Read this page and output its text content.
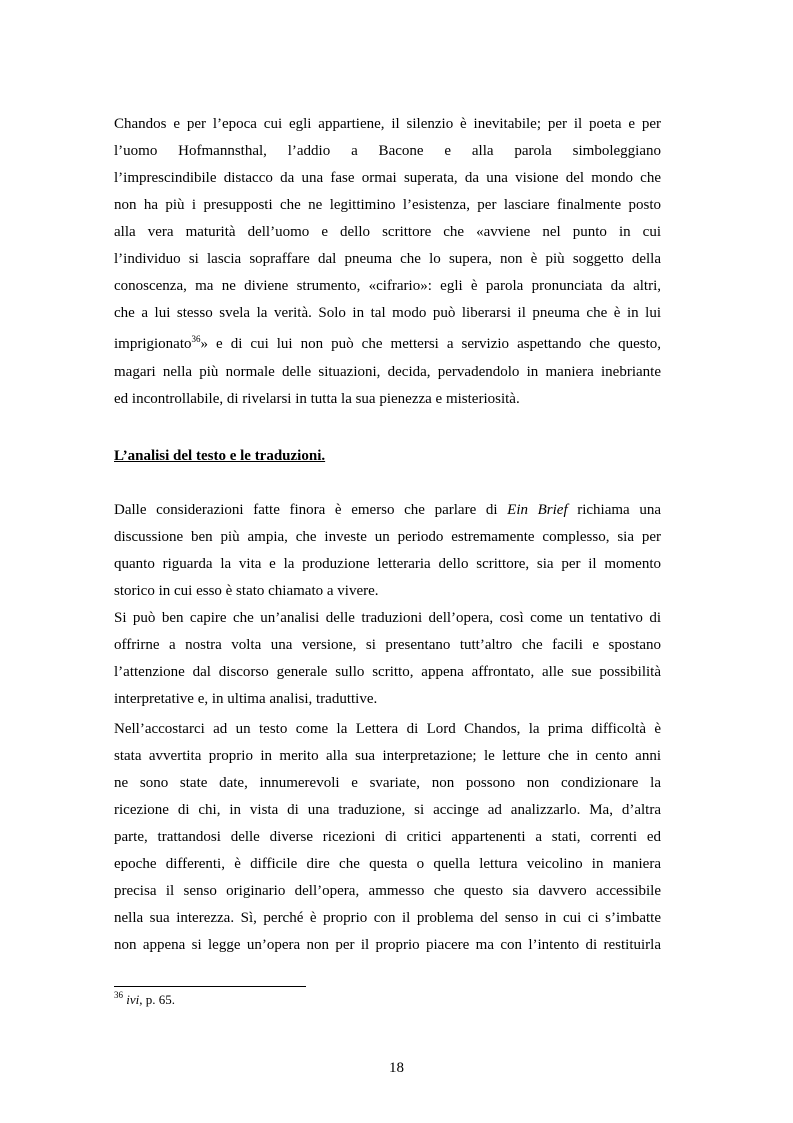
Chandos e per l’epoca cui egli appartiene, il silenzio è inevitabile; per il poeta e per
l’uomo Hofmannsthal, l’addio a Bacone e alla parola simboleggiano
l’imprescindibile distacco da una fase ormai superata, da una visione del mondo che
non ha più i presupposti che ne legittimino l’esistenza, per lasciare finalmente posto
alla vera maturità dell’uomo e dello scrittore che «avviene nel punto in cui
l’individuo si lascia sopraffare dal pneuma che lo supera, non è più soggetto della
conoscenza, ma ne diviene strumento, «cifrario»: egli è parola pronunciata da altri,
che a lui stesso svela la verità. Solo in tal modo può liberarsi il pneuma che è in lui
imprigionato$^{36}$» e di cui lui non può che mettersi a servizio aspettando che questo,
magari nella più normale delle situazioni, decida, pervadendolo in maniera inebriante
ed incontrollabile, di rivelarsi in tutta la sua pienezza e misteriosità.
L’analisi del testo e le traduzioni.
Dalle considerazioni fatte finora è emerso che parlare di Ein Brief richiama una
discussione ben più ampia, che investe un periodo estremamente complesso, sia per
quanto riguarda la vita e la produzione letteraria dello scrittore, sia per il momento
storico in cui esso è stato chiamato a vivere.
Si può ben capire che un’analisi delle traduzioni dell’opera, così come un tentativo di
offrirne a nostra volta una versione, si presentano tutt’altro che facili e spostano
l’attenzione dal discorso generale sullo scritto, appena affrontato, alle sue possibilità
interpretative e, in ultima analisi, traduttive.
Nell’accostarci ad un testo come la Lettera di Lord Chandos, la prima difficoltà è
stata avvertita proprio in merito alla sua interpretazione; le letture che in cento anni
ne sono state date, innumerevoli e svariate, non possono non condizionare la
ricezione di chi, in vista di una traduzione, si accinge ad analizzarlo. Ma, d’altra
parte, trattandosi delle diverse ricezioni di critici appartenenti a stati, correnti ed
epoche differenti, è difficile dire che questa o quella lettura veicolino in maniera
precisa il senso originario dell’opera, ammesso che questo sia davvero accessibile
nella sua interezza. Sì, perché è proprio con il problema del senso in cui ci s’imbatte
non appena si legge un’opera non per il proprio piacere ma con l’intento di restituirla
$^{36}$ ivi, p. 65.
18
